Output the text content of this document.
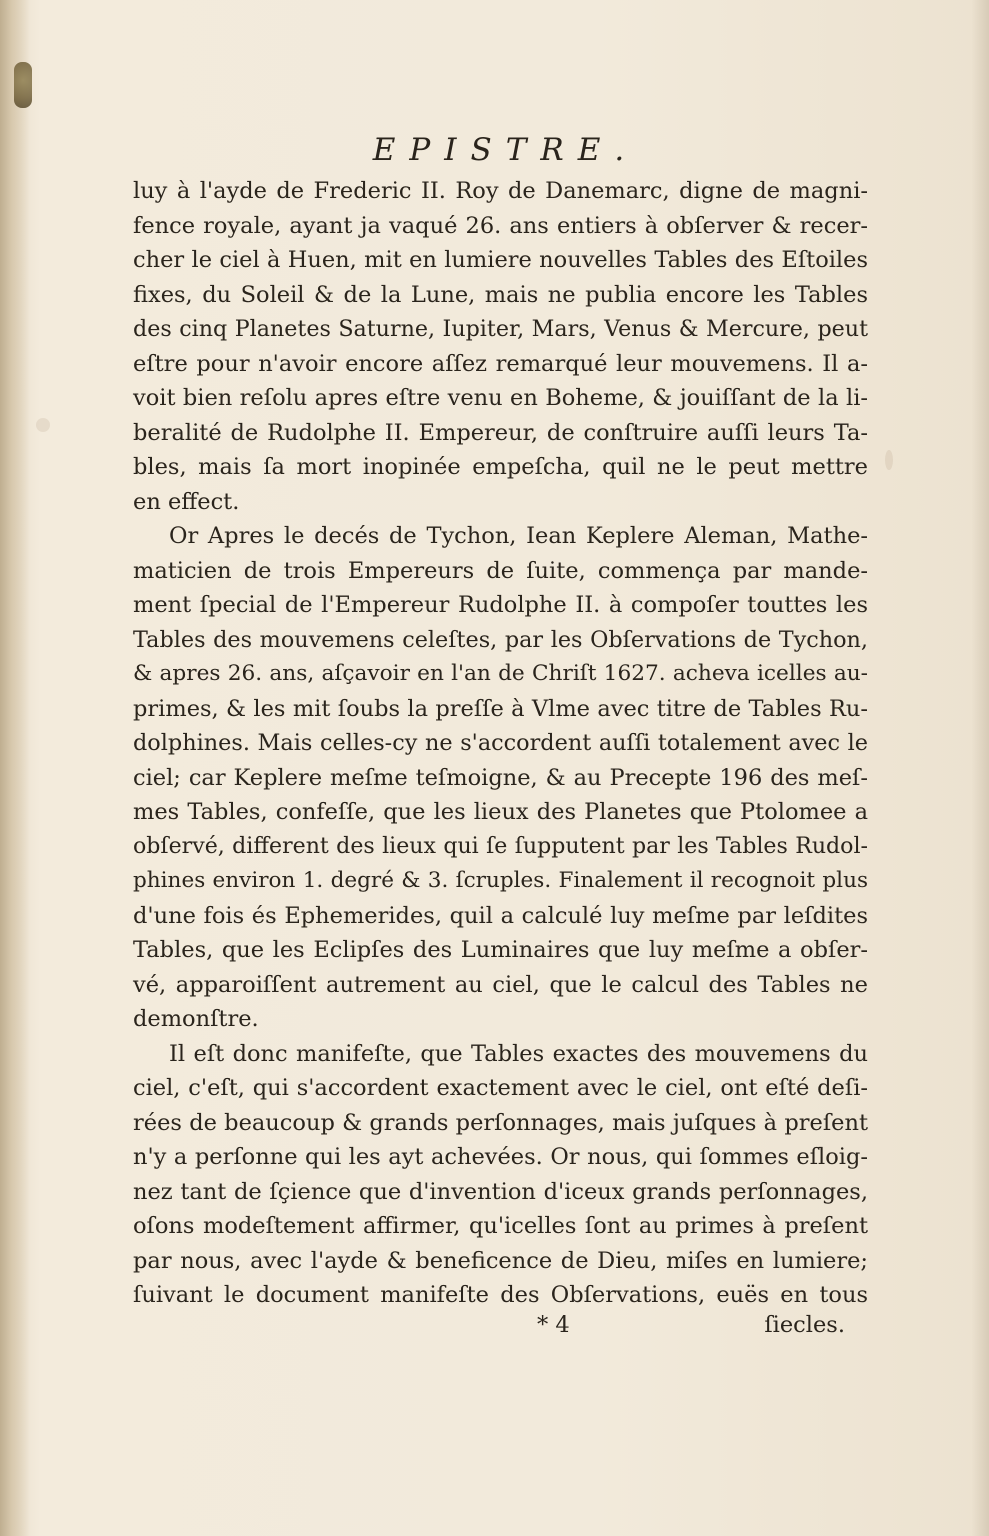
EPISTRE.
luy à l'ayde de Frederic II. Roy de Danemarc, digne de magni-
fence royale, ayant ja vaqué 26. ans entiers à obſerver & recer-
cher le ciel à Huen, mit en lumiere nouvelles Tables des Eſtoiles
fixes, du Soleil & de la Lune, mais ne publia encore les Tables
des cinq Planetes Saturne, Iupiter, Mars, Venus & Mercure, peut
eſtre pour n'avoir encore aſſez remarqué leur mouvemens. Il a-
voit bien reſolu apres eſtre venu en Boheme, & jouiſſant de la li-
beralité de Rudolphe II. Empereur, de conſtruire auſſi leurs Ta-
bles, mais ſa mort inopinée empeſcha, quil ne le peut mettre
en effect.
Or Apres le decés de Tychon, Iean Keplere Aleman, Mathe-
maticien de trois Empereurs de ſuite, commença par mande-
ment ſpecial de l'Empereur Rudolphe II. à compoſer touttes les
Tables des mouvemens celeſtes, par les Obſervations de Tychon,
& apres 26. ans, aſçavoir en l'an de Chriſt 1627. acheva icelles au-
primes, & les mit ſoubs la preſſe à Vlme avec titre de Tables Ru-
dolphines. Mais celles-cy ne s'accordent auſſi totalement avec le
ciel; car Keplere meſme teſmoigne, & au Precepte 196 des meſ-
mes Tables, confeſſe, que les lieux des Planetes que Ptolomee a
obſervé, different des lieux qui ſe ſupputent par les Tables Rudol-
phines environ 1. degré & 3. ſcruples. Finalement il recognoit plus
d'une fois és Ephemerides, quil a calculé luy meſme par leſdites
Tables, que les Eclipſes des Luminaires que luy meſme a obſer-
vé, apparoiſſent autrement au ciel, que le calcul des Tables ne
demonſtre.
Il eſt donc manifeſte, que Tables exactes des mouvemens du
ciel, c'eſt, qui s'accordent exactement avec le ciel, ont eſté deſi-
rées de beaucoup & grands perſonnages, mais juſques à preſent
n'y a perſonne qui les ayt achevées. Or nous, qui ſommes eſloig-
nez tant de ſçience que d'invention d'iceux grands perſonnages,
oſons modeſtement affirmer, qu'icelles ſont au primes à preſent
par nous, avec l'ayde & beneficence de Dieu, miſes en lumiere;
ſuivant le document manifeſte des Obſervations, euës en tous
* 4	ſiecles.
